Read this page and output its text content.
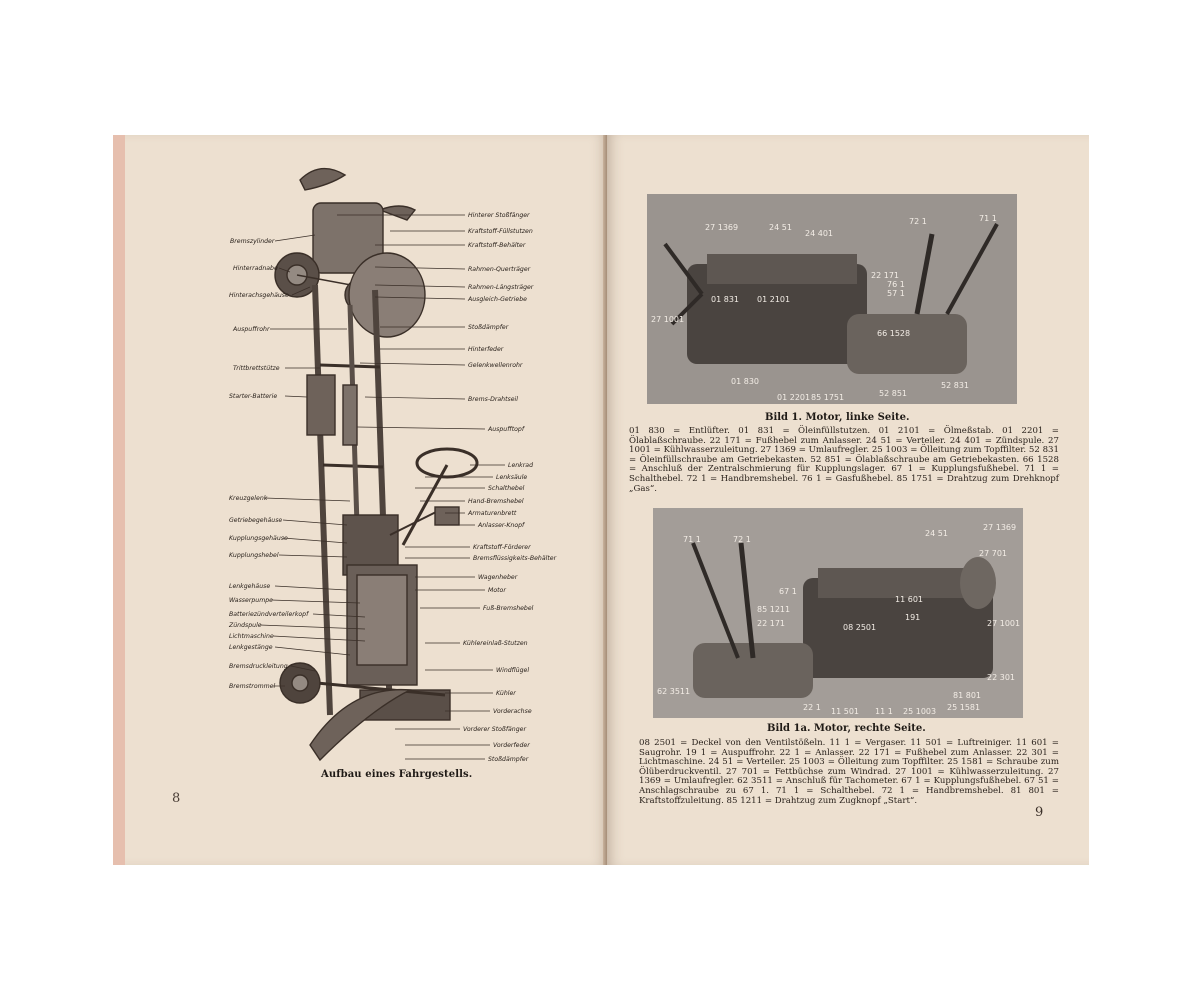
Hinterer Stoßfänger
Kraftstoff-Füllstutzen
Kraftstoff-Behälter
Rahmen-Querträger
Rahmen-Längsträger
Ausgleich-Getriebe
Stoßdämpfer
Hinterfeder
Gelenkwellenrohr
Brems-Drahtseil
Auspufftopf
Lenkrad
Lenksäule
Schalthebel
Hand-Bremshebel
Armaturenbrett
Anlasser-Knopf
Kraftstoff-Förderer
Bremsflüssigkeits-Behälter
Wagenheber
Motor
Fuß-Bremshebel
Kühlereinlaß-Stutzen
Windflügel
Kühler
Vorderachse
Vorderer Stoßfänger
Vorderfeder
Stoßdämpfer
Bremszylinder
Hinterradnabe
Hinterachsgehäuse
Auspuffrohr
Trittbrettstütze
Starter-Batterie
Kreuzgelenk
Getriebegehäuse
Kupplungsgehäuse
Kupplungshebel
Lenkgehäuse
Wasserpumpe
Batteriezündverteilerkopf
Zündspule
Lichtmaschine
Lenkgestänge
Bremsdruckleitung
Bremstrommel
Aufbau eines Fahrgestells.
8
27 1369	24 51
24 401
72 1	71 1
22 171
76 1
57 1
01 831 01 2101
27 1001
66 1528
01 830
52 851
52 831
85 1751
01 2201
Bild 1. Motor, linke Seite.
01 830 = Entlüfter. 01 831 = Öleinfüllstutzen. 01 2101 = Ölmeßstab. 01 2201 = Ölablaßschraube. 22 171 = Fußhebel zum Anlasser. 24 51 = Verteiler. 24 401 = Zündspule. 27 1001 = Kühlwasserzuleitung. 27 1369 = Umlaufregler. 25 1003 = Ölleitung zum Topffilter. 52 831 = Öleinfüllschraube am Getriebekasten. 52 851 = Ölablaßschraube am Getriebekasten. 66 1528 = Anschluß der Zentralschmierung für Kupplungslager. 67 1 = Kupplungsfußhebel. 71 1 = Schalthebel. 72 1 = Handbremshebel. 76 1 = Gasfußhebel. 85 1751 = Drahtzug zum Drehknopf „Gas“.
71 1	72 1
24 51
27 1369
27 701
67 1
11 601
85 1211
191
22 171	08 2501	27 1001
22 301
62 3511	81 801
22 1 11 501 11 1 25 1003 25 1581
Bild 1a. Motor, rechte Seite.
08 2501 = Deckel von den Ventilstößeln. 11 1 = Vergaser. 11 501 = Luftreiniger. 11 601 = Saugrohr. 19 1 = Auspuffrohr. 22 1 = Anlasser. 22 171 = Fußhebel zum Anlasser. 22 301 = Lichtmaschine. 24 51 = Verteiler. 25 1003 = Ölleitung zum Topffilter. 25 1581 = Schraube zum Ölüberdruckventil. 27 701 = Fettbüchse zum Windrad. 27 1001 = Kühlwasserzuleitung. 27 1369 = Umlaufregler. 62 3511 = Anschluß für Tachometer. 67 1 = Kupplungsfußhebel. 67 51 = Anschlagschraube zu 67 1. 71 1 = Schalthebel. 72 1 = Handbremshebel. 81 801 = Kraftstoffzuleitung. 85 1211 = Drahtzug zum Zugknopf „Start“.
9
